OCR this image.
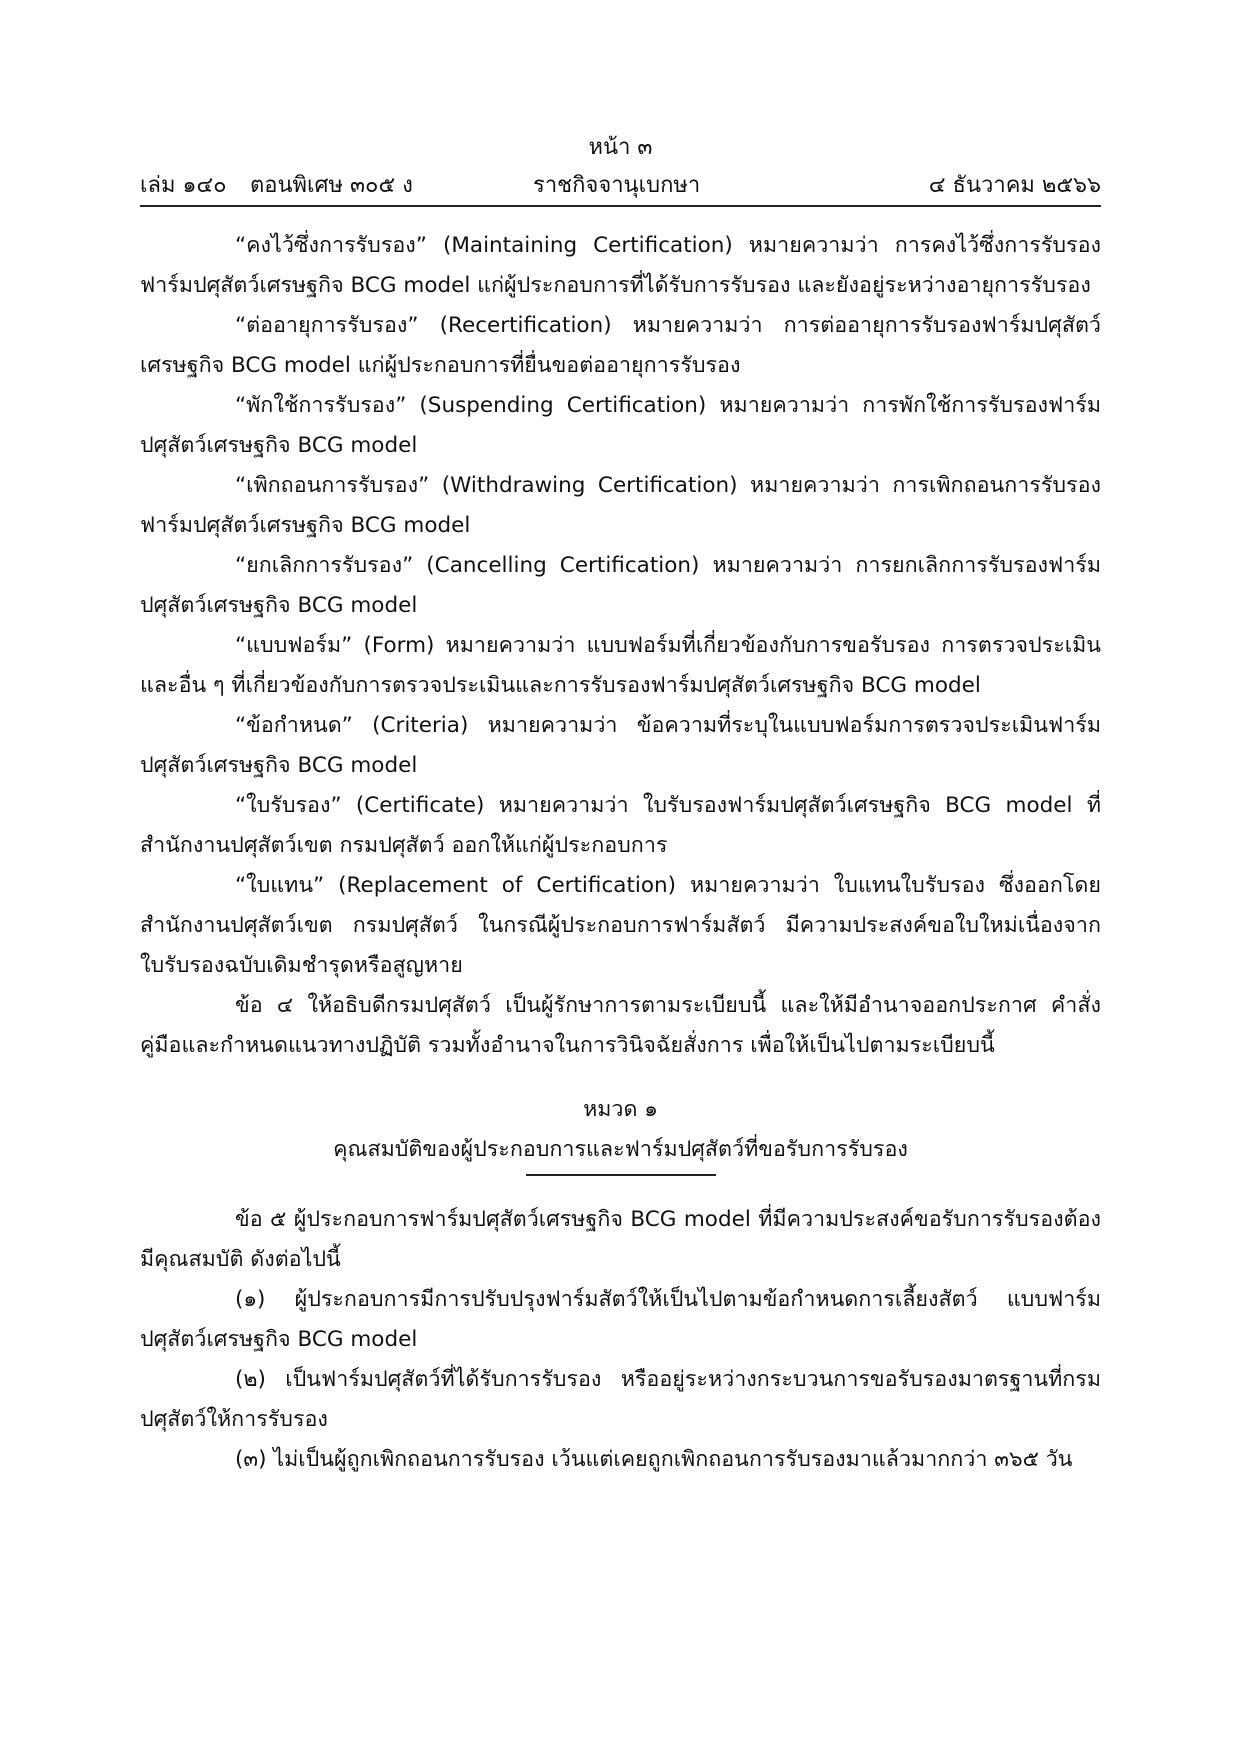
หน้า ๓
เล่ม ๑๔๐ ตอนพิเศษ ๓๐๕ ง	ราชกิจจานุเบกษา	๔ ธันวาคม ๒๕๖๖

“คงไว้ซึ่งการรับรอง” (Maintaining Certification) หมายความว่า การคงไว้ซึ่งการรับรองฟาร์มปศุสัตว์เศรษฐกิจ BCG model แก่ผู้ประกอบการที่ได้รับการรับรอง และยังอยู่ระหว่างอายุการรับรอง

“ต่ออายุการรับรอง” (Recertification) หมายความว่า การต่ออายุการรับรองฟาร์มปศุสัตว์เศรษฐกิจ BCG model แก่ผู้ประกอบการที่ยื่นขอต่ออายุการรับรอง

“พักใช้การรับรอง” (Suspending Certification) หมายความว่า การพักใช้การรับรองฟาร์มปศุสัตว์เศรษฐกิจ BCG model

“เพิกถอนการรับรอง” (Withdrawing Certification) หมายความว่า การเพิกถอนการรับรองฟาร์มปศุสัตว์เศรษฐกิจ BCG model

“ยกเลิกการรับรอง” (Cancelling Certification) หมายความว่า การยกเลิกการรับรองฟาร์มปศุสัตว์เศรษฐกิจ BCG model

“แบบฟอร์ม” (Form) หมายความว่า แบบฟอร์มที่เกี่ยวข้องกับการขอรับรอง การตรวจประเมินและอื่น ๆ ที่เกี่ยวข้องกับการตรวจประเมินและการรับรองฟาร์มปศุสัตว์เศรษฐกิจ BCG model

“ข้อกำหนด” (Criteria) หมายความว่า ข้อความที่ระบุในแบบฟอร์มการตรวจประเมินฟาร์มปศุสัตว์เศรษฐกิจ BCG model

“ใบรับรอง” (Certificate) หมายความว่า ใบรับรองฟาร์มปศุสัตว์เศรษฐกิจ BCG model ที่สำนักงานปศุสัตว์เขต กรมปศุสัตว์ ออกให้แก่ผู้ประกอบการ

“ใบแทน” (Replacement of Certification) หมายความว่า ใบแทนใบรับรอง ซึ่งออกโดยสำนักงานปศุสัตว์เขต กรมปศุสัตว์ ในกรณีผู้ประกอบการฟาร์มสัตว์ มีความประสงค์ขอใบใหม่เนื่องจากใบรับรองฉบับเดิมชำรุดหรือสูญหาย

ข้อ ๔ ให้อธิบดีกรมปศุสัตว์ เป็นผู้รักษาการตามระเบียบนี้ และให้มีอำนาจออกประกาศ คำสั่ง คู่มือและกำหนดแนวทางปฏิบัติ รวมทั้งอำนาจในการวินิจฉัยสั่งการ เพื่อให้เป็นไปตามระเบียบนี้

หมวด ๑

คุณสมบัติของผู้ประกอบการและฟาร์มปศุสัตว์ที่ขอรับการรับรอง

ข้อ ๕ ผู้ประกอบการฟาร์มปศุสัตว์เศรษฐกิจ BCG model ที่มีความประสงค์ขอรับการรับรองต้องมีคุณสมบัติ ดังต่อไปนี้

(๑) ผู้ประกอบการมีการปรับปรุงฟาร์มสัตว์ให้เป็นไปตามข้อกำหนดการเลี้ยงสัตว์ แบบฟาร์มปศุสัตว์เศรษฐกิจ BCG model

(๒) เป็นฟาร์มปศุสัตว์ที่ได้รับการรับรอง หรืออยู่ระหว่างกระบวนการขอรับรองมาตรฐานที่กรมปศุสัตว์ให้การรับรอง

(๓) ไม่เป็นผู้ถูกเพิกถอนการรับรอง เว้นแต่เคยถูกเพิกถอนการรับรองมาแล้วมากกว่า ๓๖๕ วัน
